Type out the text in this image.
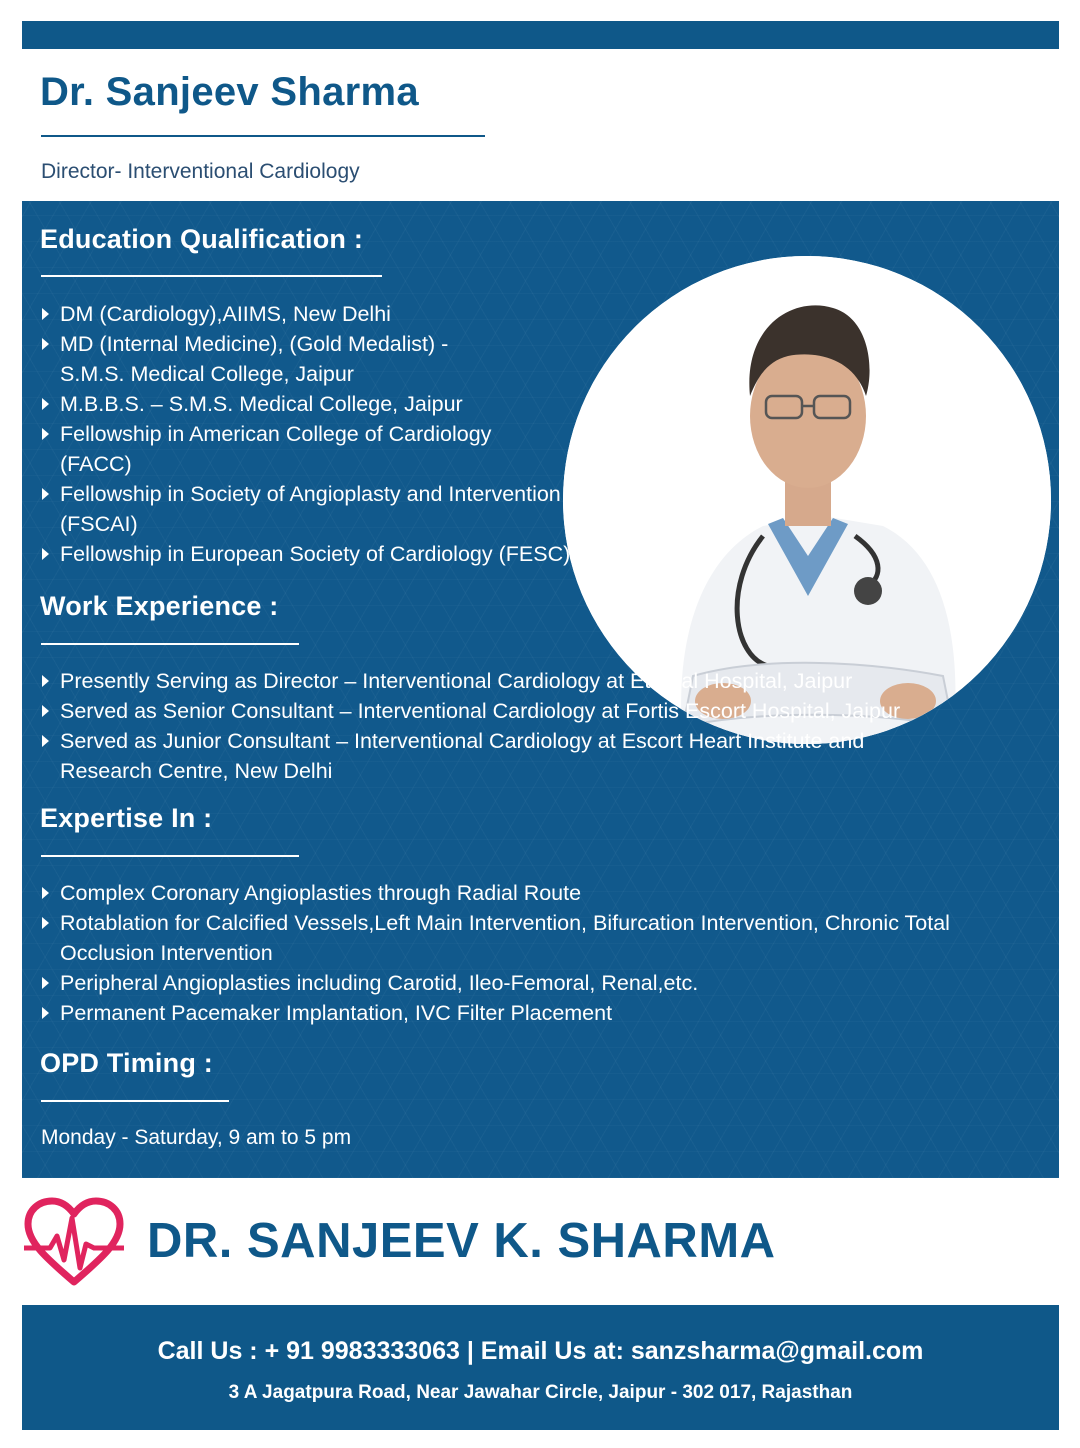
Dr. Sanjeev Sharma

Director- Interventional Cardiology

Education Qualification :
DM (Cardiology),AIIMS, New Delhi
MD (Internal Medicine), (Gold Medalist) -
S.M.S. Medical College, Jaipur
M.B.B.S. – S.M.S. Medical College, Jaipur
Fellowship in American College of Cardiology
(FACC)
Fellowship in Society of Angioplasty and Intervention
(FSCAI)
Fellowship in European Society of Cardiology (FESC)
Work Experience :
Presently Serving as Director – Interventional Cardiology at Eternal Hospital, Jaipur
Served as Senior Consultant – Interventional Cardiology at Fortis Escort Hospital, Jaipur
Served as Junior Consultant – Interventional Cardiology at Escort Heart Institute and
Research Centre, New Delhi
Expertise In :
Complex Coronary Angioplasties through Radial Route
Rotablation for Calcified Vessels,Left Main Intervention, Bifurcation Intervention, Chronic Total
Occlusion Intervention
Peripheral Angioplasties including Carotid, Ileo-Femoral, Renal,etc.
Permanent Pacemaker Implantation, IVC Filter Placement
OPD Timing :

Monday - Saturday, 9 am to 5 pm

DR. SANJEEV K. SHARMA
Call Us : + 91 9983333063 | Email Us at: sanzsharma@gmail.com
3 A Jagatpura Road, Near Jawahar Circle, Jaipur - 302 017, Rajasthan
